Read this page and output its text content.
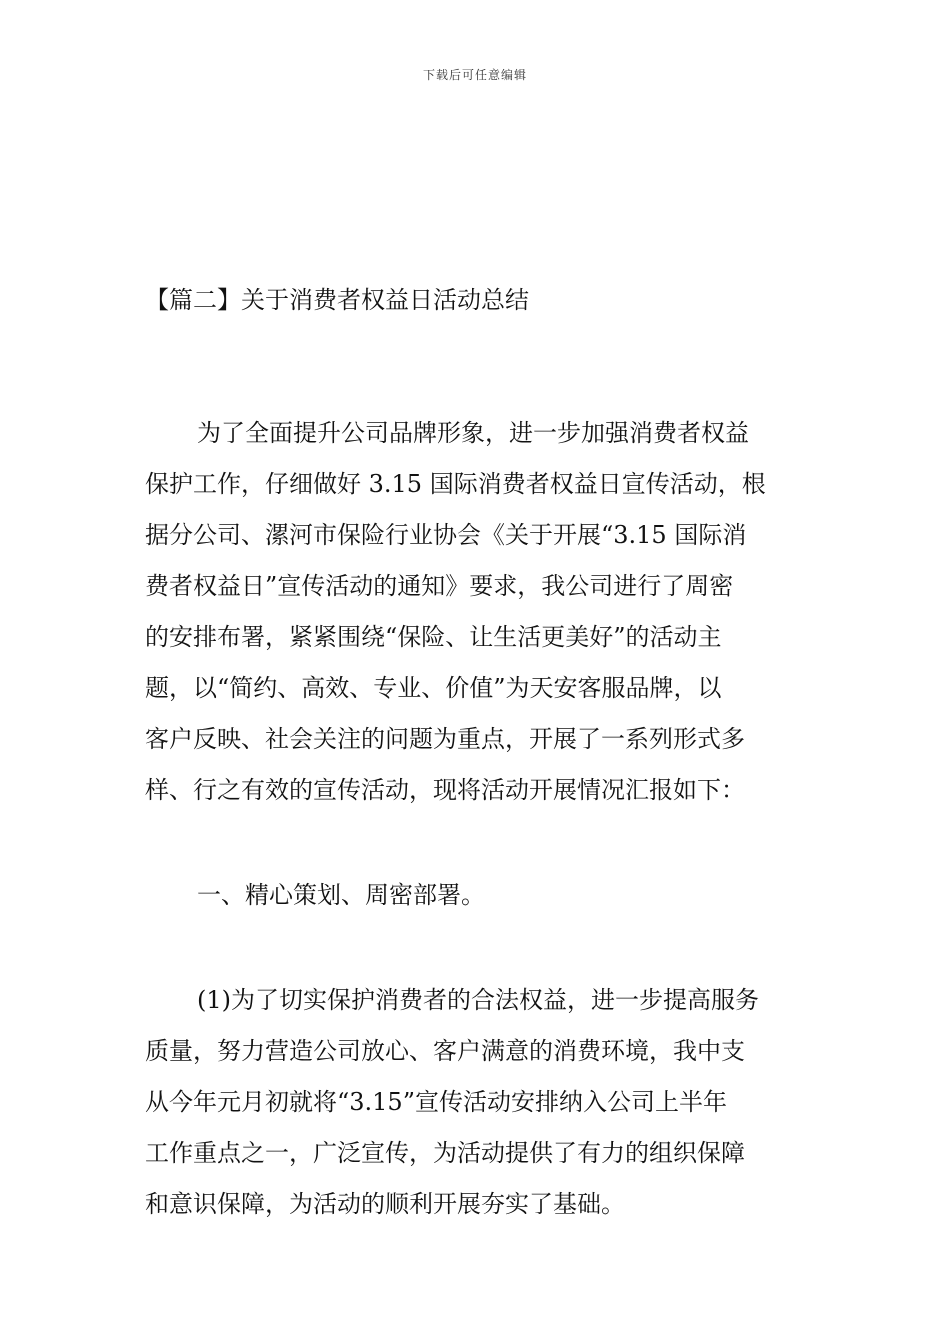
下载后可任意编辑
【篇二】关于消费者权益日活动总结

为了全面提升公司品牌形象，进一步加强消费者权益

保护工作，仔细做好 3.15 国际消费者权益日宣传活动，根

据分公司、漯河市保险行业协会《关于开展“3.15 国际消

费者权益日”宣传活动的通知》要求，我公司进行了周密

的安排布署，紧紧围绕“保险、让生活更美好”的活动主

题，以“简约、高效、专业、价值”为天安客服品牌，以

客户反映、社会关注的问题为重点，开展了一系列形式多

样、行之有效的宣传活动，现将活动开展情况汇报如下：

一、精心策划、周密部署。

(1)为了切实保护消费者的合法权益，进一步提高服务

质量，努力营造公司放心、客户满意的消费环境，我中支

从今年元月初就将“3.15”宣传活动安排纳入公司上半年

工作重点之一，广泛宣传，为活动提供了有力的组织保障

和意识保障，为活动的顺利开展夯实了基础。
